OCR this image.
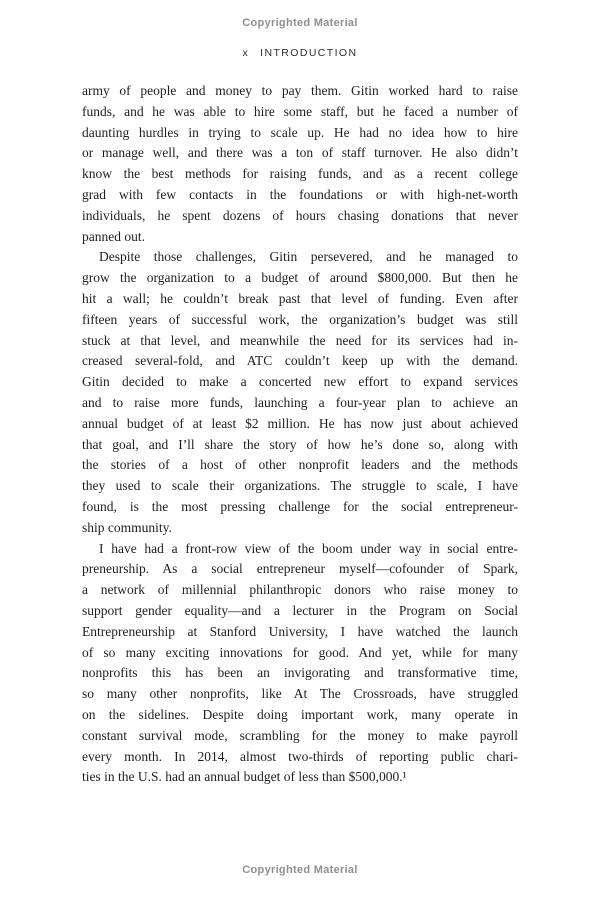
Copyrighted Material
x INTRODUCTION
army of people and money to pay them. Gitin worked hard to raise
funds, and he was able to hire some staff, but he faced a number of
daunting hurdles in trying to scale up. He had no idea how to hire
or manage well, and there was a ton of staff turnover. He also didn’t
know the best methods for raising funds, and as a recent college
grad with few contacts in the foundations or with high-net-worth
individuals, he spent dozens of hours chasing donations that never
panned out.
Despite those challenges, Gitin persevered, and he managed to
grow the organization to a budget of around $800,000. But then he
hit a wall; he couldn’t break past that level of funding. Even after
fifteen years of successful work, the organization’s budget was still
stuck at that level, and meanwhile the need for its services had in-
creased several-fold, and ATC couldn’t keep up with the demand.
Gitin decided to make a concerted new effort to expand services
and to raise more funds, launching a four-year plan to achieve an
annual budget of at least $2 million. He has now just about achieved
that goal, and I’ll share the story of how he’s done so, along with
the stories of a host of other nonprofit leaders and the methods
they used to scale their organizations. The struggle to scale, I have
found, is the most pressing challenge for the social entrepreneur-
ship community.
I have had a front-row view of the boom under way in social entre-
preneurship. As a social entrepreneur myself—cofounder of Spark,
a network of millennial philanthropic donors who raise money to
support gender equality—and a lecturer in the Program on Social
Entrepreneurship at Stanford University, I have watched the launch
of so many exciting innovations for good. And yet, while for many
nonprofits this has been an invigorating and transformative time,
so many other nonprofits, like At The Crossroads, have struggled
on the sidelines. Despite doing important work, many operate in
constant survival mode, scrambling for the money to make payroll
every month. In 2014, almost two-thirds of reporting public chari-
ties in the U.S. had an annual budget of less than $500,000.¹
Copyrighted Material
